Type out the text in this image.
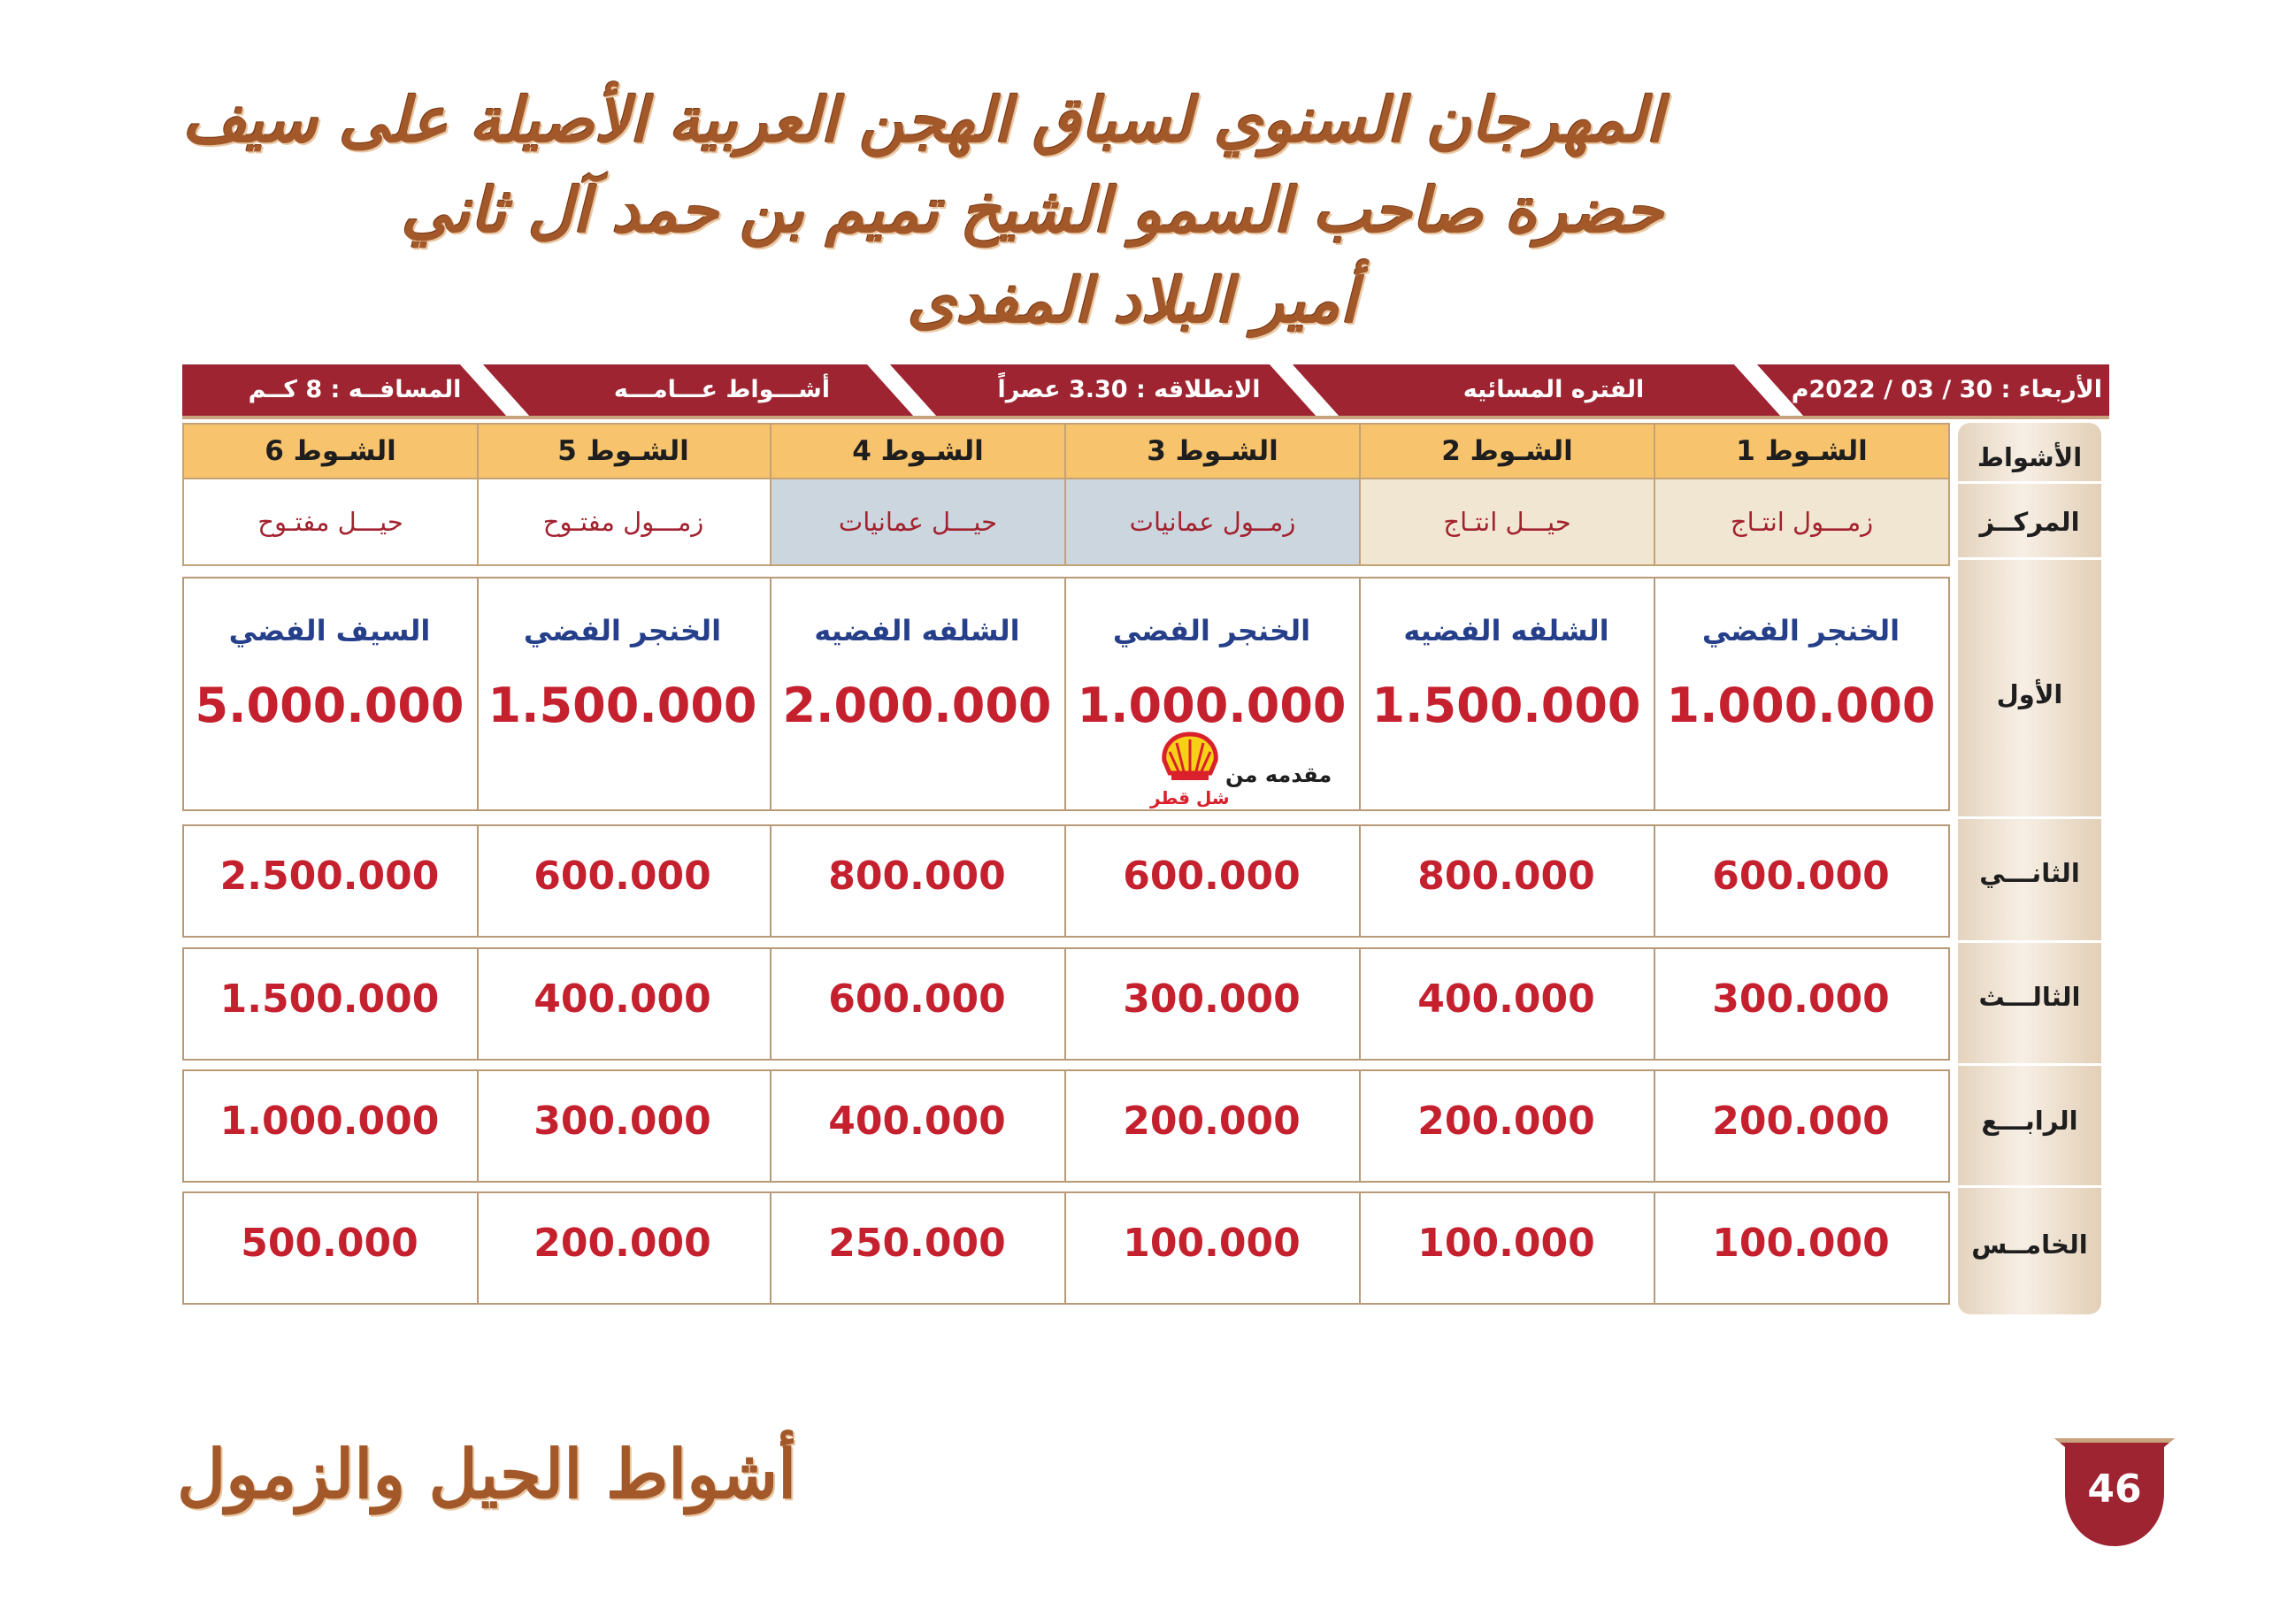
المهرجان السنوي لسباق الهجن العربية الأصيلة على سيف
حضرة صاحب السمو الشيخ تميم بن حمد آل ثاني
أمير البلاد المفدى
الأربعاء : 30 / 03 / 2022م
الفتره المسائيه
الانطلاقه : 3.30 عصراً
أشـــواط عـــامـــه
المسافــه : 8 كــم
الأشواط
المركــز
الأول
الثانـــي
الثالـــث
الرابـــع
الخامــس
الشـوط 1
زمـــول انتـاج
الشـوط 2
حيـــل انتـاج
الشـوط 3
زمــول عمانيات
الشـوط 4
حيـــل عمانيات
الشـوط 5
زمـــول مفتـوح
الشـوط 6
حيـــل مفتـوح
الخنجر الفضي
1.000.000
600.000
300.000
200.000
100.000
الشلفه الفضيه
1.500.000
800.000
400.000
200.000
100.000
الخنجر الفضي
1.000.000
600.000
300.000
200.000
100.000
الشلفه الفضيه
2.000.000
800.000
600.000
400.000
250.000
الخنجر الفضي
1.500.000
600.000
400.000
300.000
200.000
السيف الفضي
5.000.000
2.500.000
1.500.000
1.000.000
500.000
مقدمه من
شل قطر
أشواط الحيل والزمول	46
